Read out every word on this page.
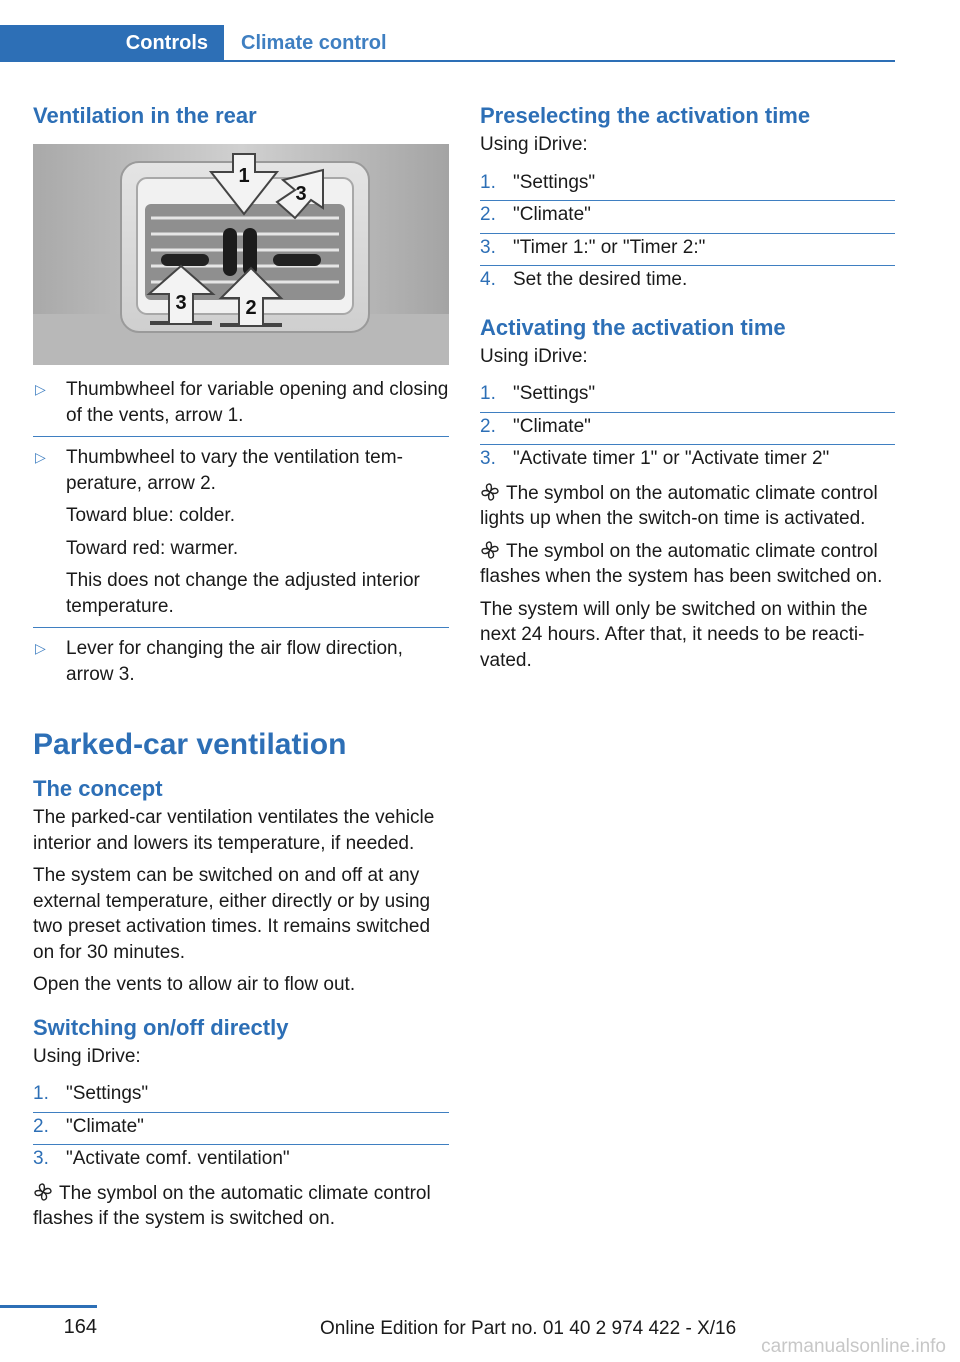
Controls	Climate control
Ventilation in the rear
1
3
3	2
▷ Thumbwheel for variable opening and closing of the vents, arrow 1.
▷ Thumbwheel to vary the ventilation temperature, arrow 2.
Toward blue: colder.
Toward red: warmer.
This does not change the adjusted interior temperature.
▷ Lever for changing the air flow direction, arrow 3.
Parked-car ventilation
The concept

The parked-car ventilation ventilates the vehicle interior and lowers its temperature, if needed.

The system can be switched on and off at any external temperature, either directly or by using two preset activation times. It remains switched on for 30 minutes.

Open the vents to allow air to flow out.

Switching on/off directly

Using iDrive:

1. "Settings"
2. "Climate"
3. "Activate comf. ventilation"

The symbol on the automatic climate control flashes if the system is switched on.

Preselecting the activation time

Using iDrive:

1. "Settings"
2. "Climate"
3. "Timer 1:" or "Timer 2:"
4. Set the desired time.
Activating the activation time

Using iDrive:

1. "Settings"
2. "Climate"
3. "Activate timer 1" or "Activate timer 2"

The symbol on the automatic climate control lights up when the switch-on time is activated.

The symbol on the automatic climate control flashes when the system has been switched on.

The system will only be switched on within the next 24 hours. After that, it needs to be reactivated.

164	Online Edition for Part no. 01 40 2 974 422 - X/16
carmanualsonline.info
